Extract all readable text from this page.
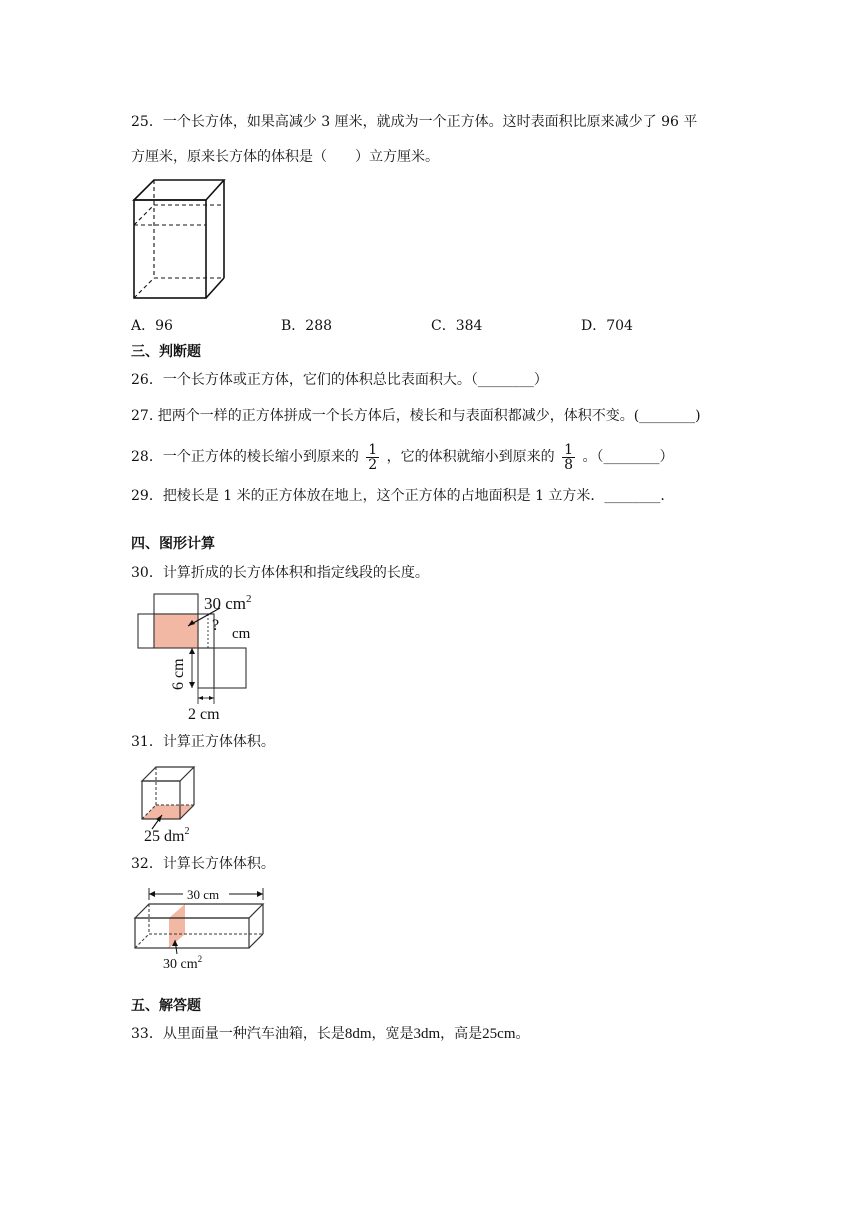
25．一个长方体，如果高减少 3 厘米，就成为一个正方体。这时表面积比原来减少了 96 平
方厘米，原来长方体的体积是（　　）立方厘米。
A．96	B．288	C．384	D．704
三、判断题
26．一个长方体或正方体，它们的体积总比表面积大。（________）
27. 把两个一样的正方体拼成一个长方体后，棱长和与表面积都减少，体积不变。(________)
28．一个正方体的棱长缩小到原来的 $\frac{1}{2}$ ，它的体积就缩小到原来的 $\frac{1}{8}$ 。（________）
29．把棱长是 1 米的正方体放在地上，这个正方体的占地面积是 1 立方米．________.
四、图形计算
30．计算折成的长方体体积和指定线段的长度。
30 $cm^2$
? cm
6 cm
2 cm
31．计算正方体体积。
25 $dm^2$
32．计算长方体体积。
30 cm
30 $cm^2$
五、解答题
33．从里面量一种汽车油箱，长是8dm，宽是3dm，高是25cm。
